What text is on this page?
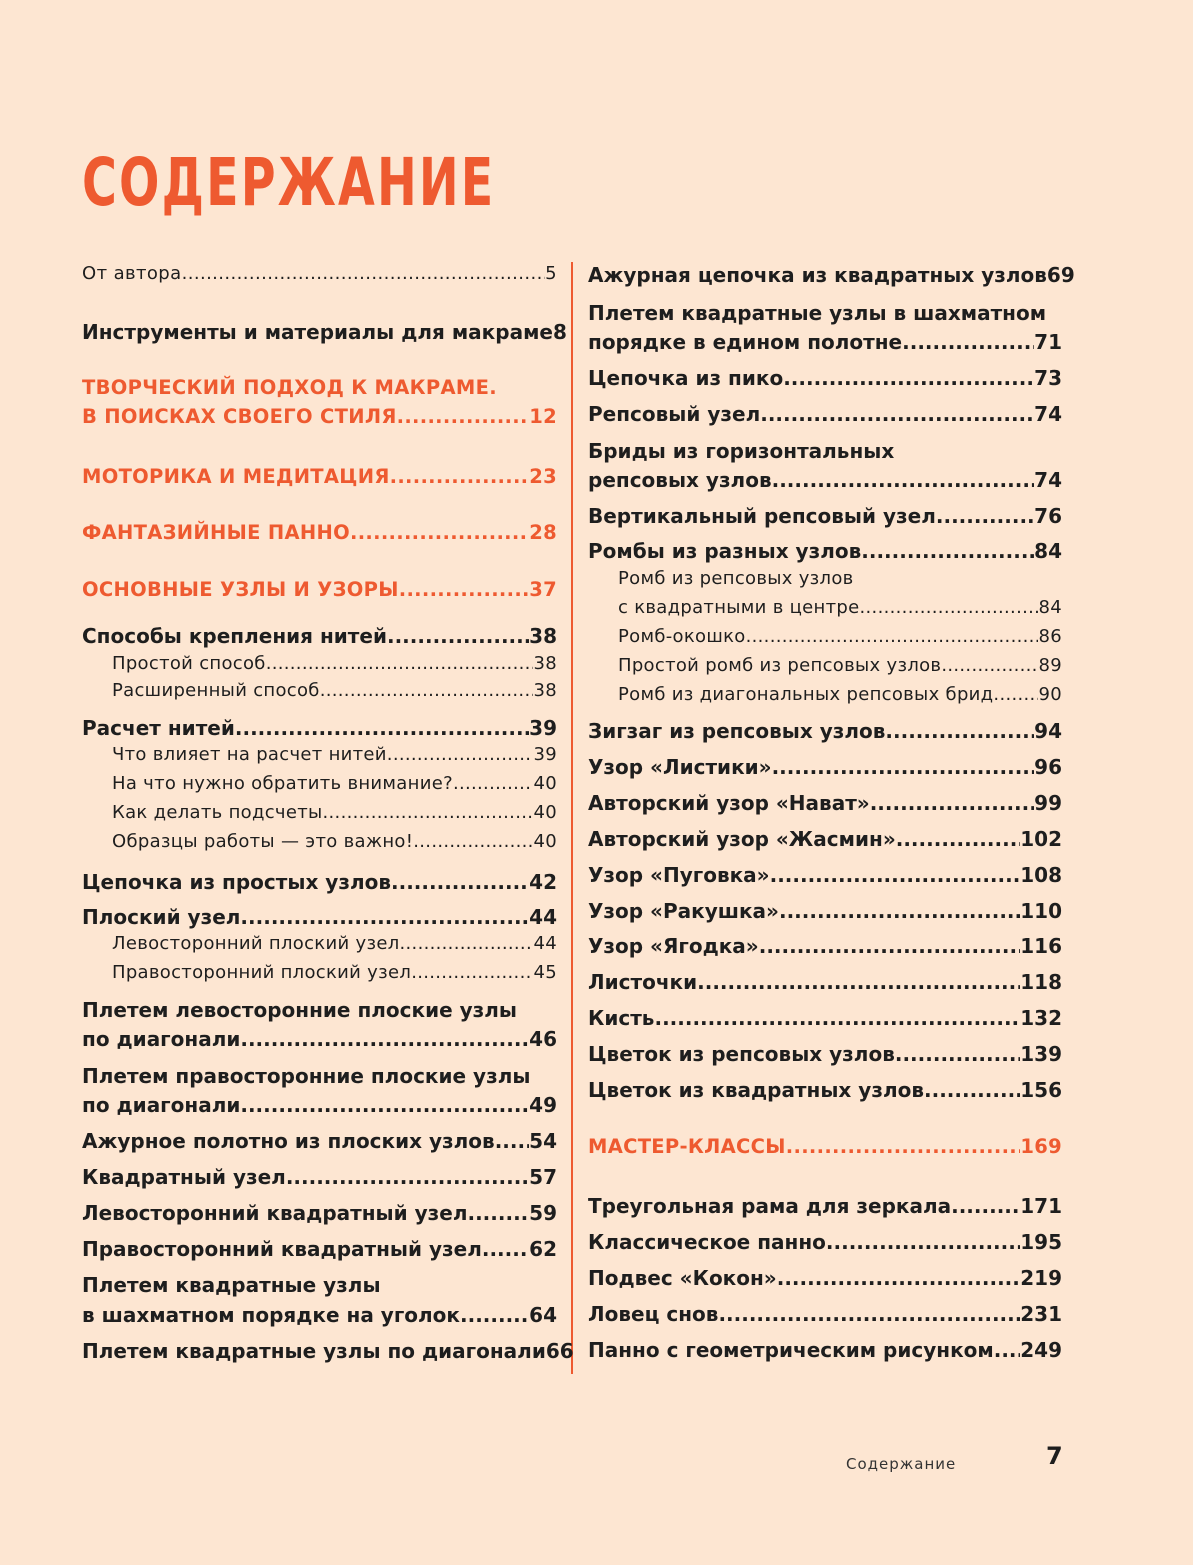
СОДЕРЖАНИЕ
От автора .....	5
Инструменты и материалы для макраме 8
ТВОРЧЕСКИЙ ПОДХОД К МАКРАМЕ.
В ПОИСКАХ СВОЕГО СТИЛЯ .....	12
МОТОРИКА И МЕДИТАЦИЯ .....	23
ФАНТАЗИЙНЫЕ ПАННО .....	28
ОСНОВНЫЕ УЗЛЫ И УЗОРЫ .....	37
Способы крепления нитей .....	38
Простой способ .....	38
Расширенный способ .....	38
Расчет нитей .....	39
Что влияет на расчет нитей .....	39
На что нужно обратить внимание? .....	40
Как делать подсчеты .....	40
Образцы работы — это важно! .....	40
Цепочка из простых узлов .....	42
Плоский узел .....	44
Левосторонний плоский узел .....	44
Правосторонний плоский узел .....	45
Плетем левосторонние плоские узлы
по диагонали .....	46
Плетем правосторонние плоские узлы
по диагонали .....	49
Ажурное полотно из плоских узлов ..... 54
Квадратный узел .....	57
Левосторонний квадратный узел .....	59
Правосторонний квадратный узел ..... 62
Плетем квадратные узлы
в шахматном порядке на уголок .....	64
Плетем квадратные узлы по диагонали 66
Ажурная цепочка из квадратных узлов 69
Плетем квадратные узлы в шахматном
порядке в едином полотне .....	71
Цепочка из пико .....	73
Репсовый узел .....	74
Бриды из горизонтальных
репсовых узлов .....	74
Вертикальный репсовый узел .....	76
Ромбы из разных узлов .....	84
Ромб из репсовых узлов
с квадратными в центре .....	84
Ромб-окошко .....	86
Простой ромб из репсовых узлов .....	89
Ромб из диагональных репсовых брид .....	90
Зигзаг из репсовых узлов .....	94
Узор «Листики» .....	96
Авторский узор «Нават» .....	99
Авторский узор «Жасмин» .....	102
Узор «Пуговка» .....	108
Узор «Ракушка» .....	110
Узор «Ягодка» .....	116
Листочки .....	118
Кисть .....	132
Цветок из репсовых узлов .....	139
Цветок из квадратных узлов .....	156
МАСТЕР-КЛАССЫ .....	169
Треугольная рама для зеркала .....	171
Классическое панно .....	195
Подвес «Кокон» .....	219
Ловец снов .....	231
Панно с геометрическим рисунком ..... 249
Содержание	7
